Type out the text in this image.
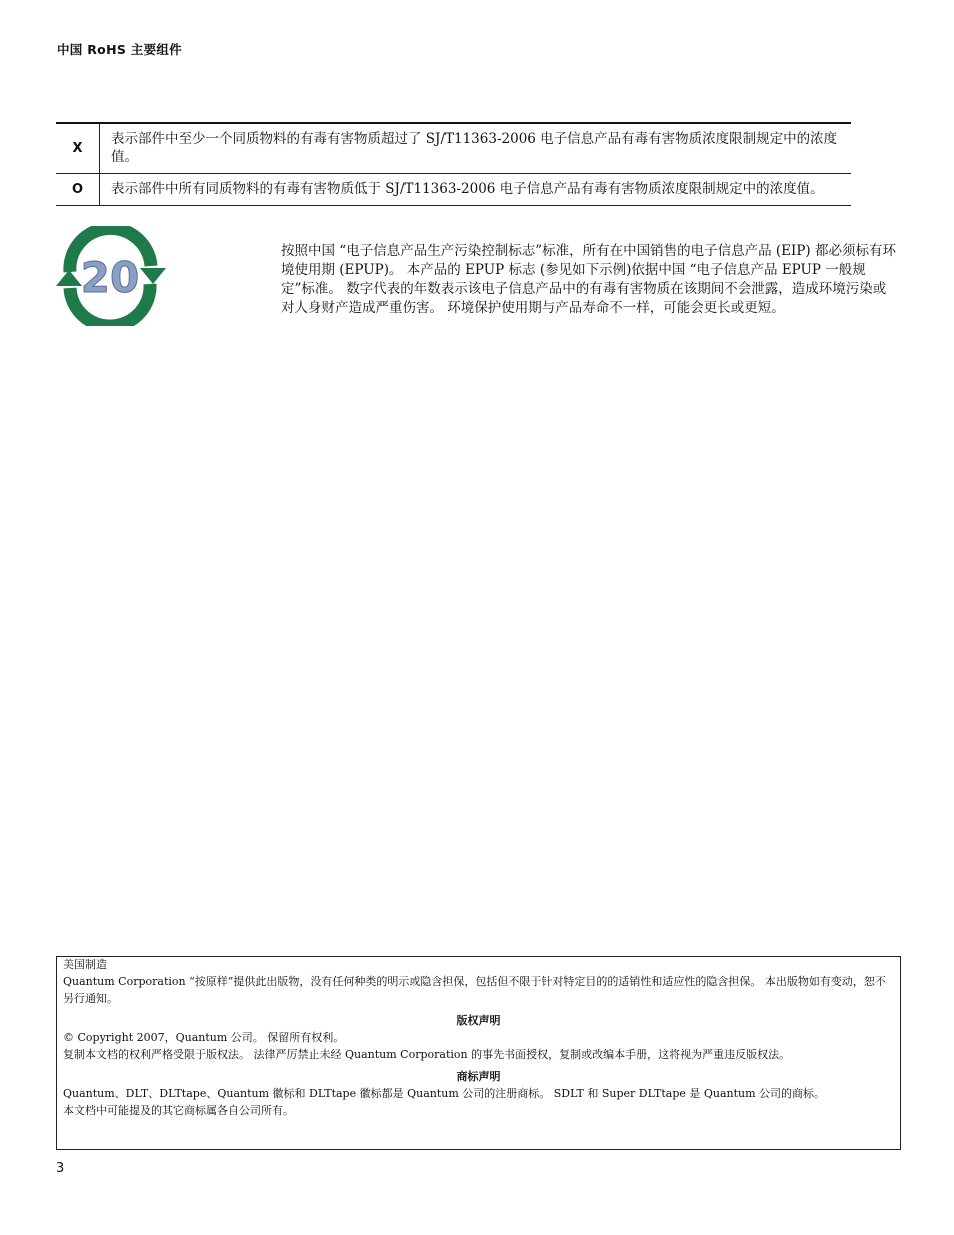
中国 RoHS 主要组件
X	表示部件中至少一个同质物料的有毒有害物质超过了 SJ/T11363-2006 电子信息产品有毒有害物质浓度限制规定中的浓度值。
O	表示部件中所有同质物料的有毒有害物质低于 SJ/T11363-2006 电子信息产品有毒有害物质浓度限制规定中的浓度值。
20
按照中国 “电子信息产品生产污染控制标志”标准，所有在中国销售的电子信息产品 (EIP) 都必须标有环境使用期 (EPUP)。 本产品的 EPUP 标志 (参见如下示例)依据中国 “电子信息产品 EPUP 一般规定”标准。 数字代表的年数表示该电子信息产品中的有毒有害物质在该期间不会泄露，造成环境污染或对人身财产造成严重伤害。 环境保护使用期与产品寿命不一样，可能会更长或更短。

美国制造

Quantum Corporation “按原样”提供此出版物，没有任何种类的明示或隐含担保，包括但不限于针对特定目的的适销性和适应性的隐含担保。 本出版物如有变动，恕不另行通知。

版权声明

© Copyright 2007，Quantum 公司。 保留所有权利。

复制本文档的权利严格受限于版权法。 法律严厉禁止未经 Quantum Corporation 的事先书面授权，复制或改编本手册，这将视为严重违反版权法。

商标声明

Quantum、DLT、DLTtape、Quantum 徽标和 DLTtape 徽标都是 Quantum 公司的注册商标。 SDLT 和 Super DLTtape 是 Quantum 公司的商标。

本文档中可能提及的其它商标属各自公司所有。

3
